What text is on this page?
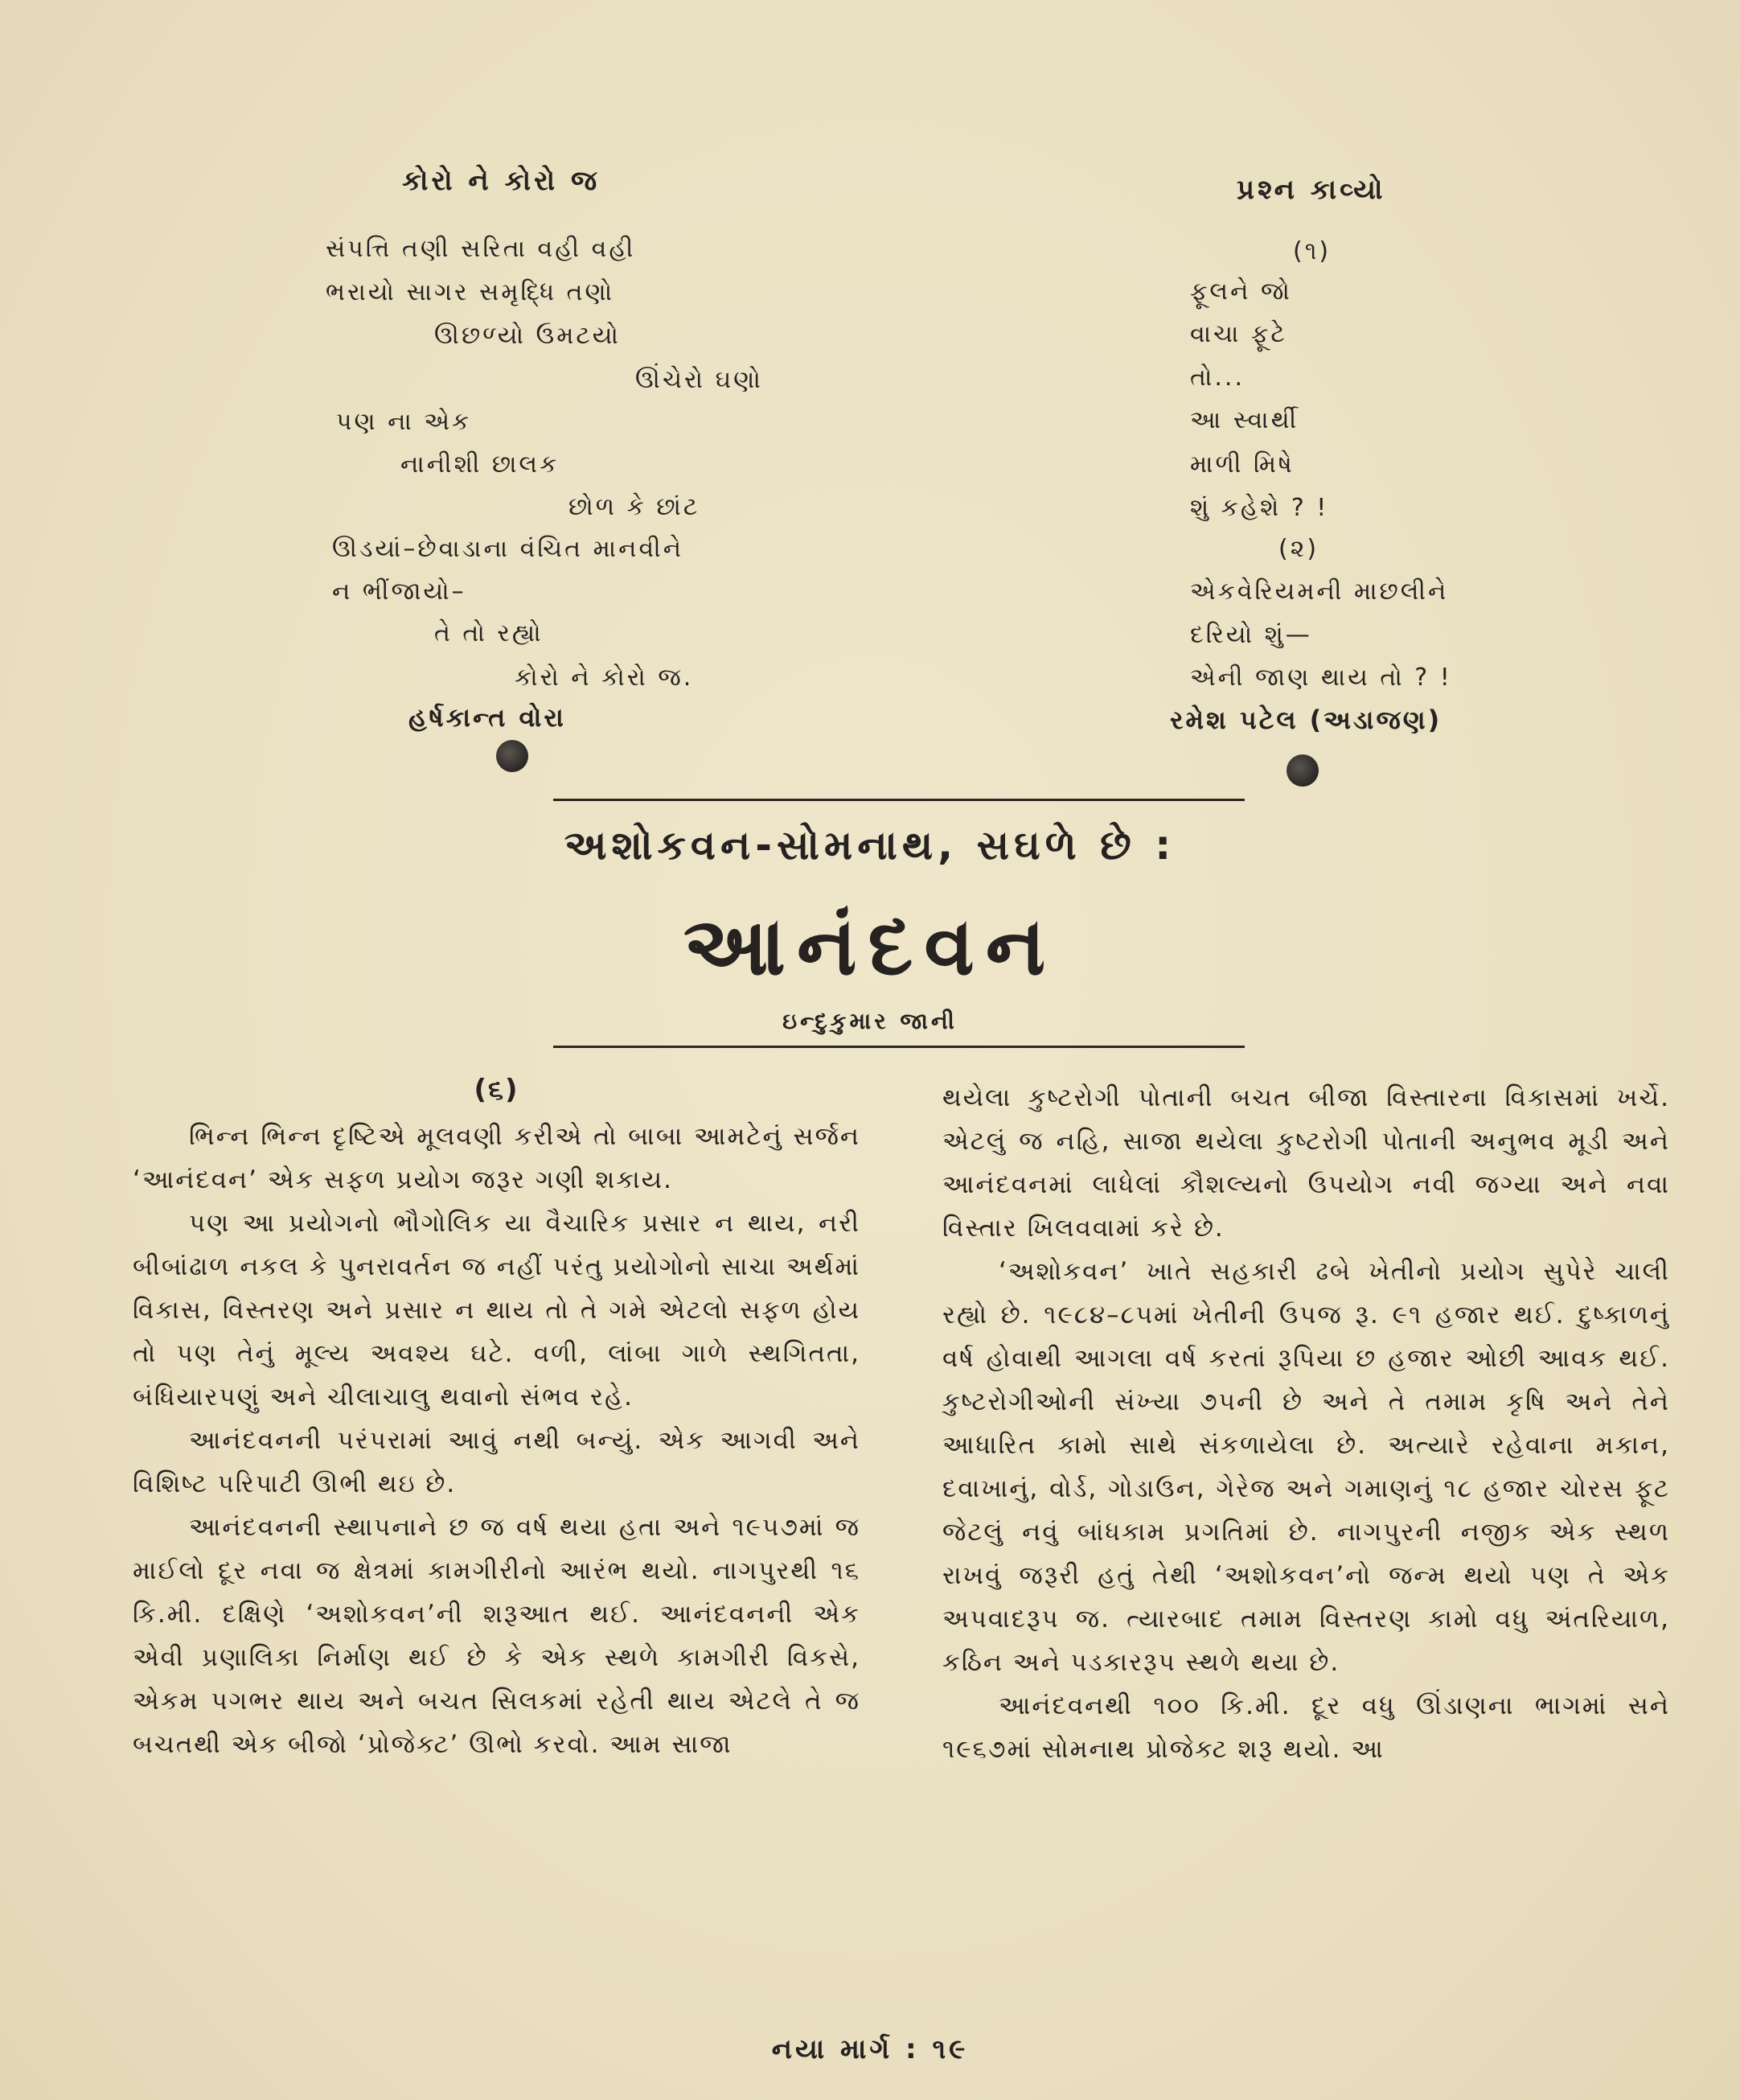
કોરો ને કોરો જ
સંપત્તિ તણી સરિતા વહી વહી
ભરાયો સાગર સમૃદ્ધિ તણો
ઊછળ્યો ઉમટયો
ઊંચેરો ઘણો
પણ ના એક
નાનીશી છાલક
છોળ કે છાંટ
ઊડયાં–છેવાડાના વંચિત માનવીને
ન ભીંજાયો–
તે તો રહ્યો
કોરો ને કોરો જ.
હર્ષકાન્ત વોરા
પ્રશ્ન કાવ્યો
(૧)
ફૂલને જો
વાચા ફૂટે
તો...
આ સ્વાર્થી
માળી મિષે
શું કહેશે ? !
(૨)
એકવેરિયમની માછલીને
દરિયો શું—
એની જાણ થાય તો ? !
રમેશ પટેલ (અડાજણ)
અશોકવન-સોમનાથ, સઘળે છે :
આનંદવન
ઇન્દુકુમાર જાની
(૬)

ભિન્ન ભિન્ન દૃષ્ટિએ મૂલવણી કરીએ તો બાબા આમટેનું સર્જન ‘આનંદવન’ એક સફળ પ્રયોગ જરૂર ગણી શકાય.

પણ આ પ્રયોગનો ભૌગોલિક યા વૈચારિક પ્રસાર ન થાય, નરી બીબાંઢાળ નકલ કે પુનરાવર્તન જ નહીં પરંતુ પ્રયોગોનો સાચા અર્થમાં વિકાસ, વિસ્તરણ અને પ્રસાર ન થાય તો તે ગમે એટલો સફળ હોય તો પણ તેનું મૂલ્ય અવશ્ય ઘટે. વળી, લાંબા ગાળે સ્થગિતતા, બંધિયારપણું અને ચીલાચાલુ થવાનો સંભવ રહે.

આનંદવનની પરંપરામાં આવું નથી બન્યું. એક આગવી અને વિશિષ્ટ પરિપાટી ઊભી થઇ છે.

આનંદવનની સ્થાપનાને છ જ વર્ષ થયા હતા અને ૧૯૫૭માં જ માઈલો દૂર નવા જ ક્ષેત્રમાં કામગીરીનો આરંભ થયો. નાગપુરથી ૧૬ કિ.મી. દક્ષિણે ‘અશોકવન’ની શરૂઆત થઈ. આનંદવનની એક એવી પ્રણાલિકા નિર્માણ થઈ છે કે એક સ્થળે કામગીરી વિકસે, એકમ પગભર થાય અને બચત સિલકમાં રહેતી થાય એટલે તે જ બચતથી એક બીજો ‘પ્રોજેક્ટ’ ઊભો કરવો. આમ સાજા

થયેલા કુષ્ટરોગી પોતાની બચત બીજા વિસ્તારના વિકાસમાં ખર્ચે. એટલું જ નહિ, સાજા થયેલા કુષ્ટરોગી પોતાની અનુભવ મૂડી અને આનંદવનમાં લાધેલાં કૌશલ્યનો ઉપયોગ નવી જગ્યા અને નવા વિસ્તાર ખિલવવામાં કરે છે.

‘અશોકવન’ ખાતે સહકારી ઢબે ખેતીનો પ્રયોગ સુપેરે ચાલી રહ્યો છે. ૧૯૮૪–૮૫માં ખેતીની ઉપજ રૂ. ૯૧ હજાર થઈ. દુષ્કાળનું વર્ષ હોવાથી આગલા વર્ષ કરતાં રૂપિયા છ હજાર ઓછી આવક થઈ. કુષ્ટરોગીઓની સંખ્યા ૭૫ની છે અને તે તમામ કૃષિ અને તેને આધારિત કામો સાથે સંકળાયેલા છે. અત્યારે રહેવાના મકાન, દવાખાનું, વોર્ડ, ગોડાઉન, ગેરેજ અને ગમાણનું ૧૮ હજાર ચોરસ ફૂટ જેટલું નવું બાંધકામ પ્રગતિમાં છે. નાગપુરની નજીક એક સ્થળ રાખવું જરૂરી હતું તેથી ‘અશોકવન’નો જન્મ થયો પણ તે એક અપવાદરૂપ જ. ત્યારબાદ તમામ વિસ્તરણ કામો વધુ અંતરિયાળ, કઠિન અને પડકારરૂપ સ્થળે થયા છે.

આનંદવનથી ૧૦૦ કિ.મી. દૂર વધુ ઊંડાણના ભાગમાં સને ૧૯૬૭માં સોમનાથ પ્રોજેક્ટ શરૂ થયો. આ

નયા માર્ગ : ૧૯
